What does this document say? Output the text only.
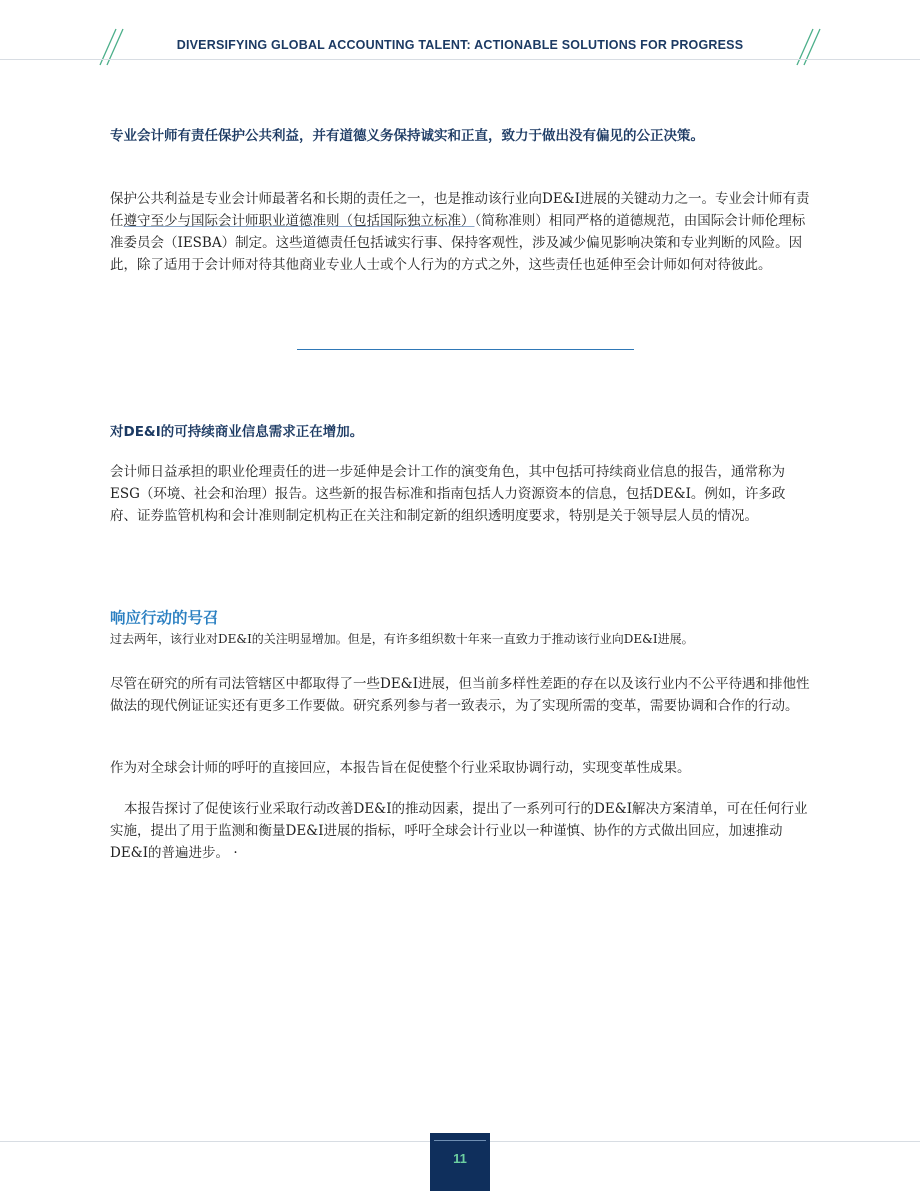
DIVERSIFYING GLOBAL ACCOUNTING TALENT: ACTIONABLE SOLUTIONS FOR PROGRESS
专业会计师有责任保护公共利益，并有道德义务保持诚实和正直，致力于做出没有偏见的公正决策。
保护公共利益是专业会计师最著名和长期的责任之一，也是推动该行业向DE&I进展的关键动力之一。专业会计师有责任遵守至少与国际会计师职业道德准则（包括国际独立标准）（简称准则）相同严格的道德规范，由国际会计师伦理标准委员会（IESBA）制定。这些道德责任包括诚实行事、保持客观性，涉及减少偏见影响决策和专业判断的风险。因此，除了适用于会计师对待其他商业专业人士或个人行为的方式之外，这些责任也延伸至会计师如何对待彼此。
对DE&I的可持续商业信息需求正在增加。
会计师日益承担的职业伦理责任的进一步延伸是会计工作的演变角色，其中包括可持续商业信息的报告，通常称为ESG（环境、社会和治理）报告。这些新的报告标准和指南包括人力资源资本的信息，包括DE&I。例如，许多政府、证券监管机构和会计准则制定机构正在关注和制定新的组织透明度要求，特别是关于领导层人员的情况。
响应行动的号召
过去两年，该行业对DE&I的关注明显增加。但是，有许多组织数十年来一直致力于推动该行业向DE&I进展。
尽管在研究的所有司法管辖区中都取得了一些DE&I进展，但当前多样性差距的存在以及该行业内不公平待遇和排他性做法的现代例证证实还有更多工作要做。研究系列参与者一致表示，为了实现所需的变革，需要协调和合作的行动。
作为对全球会计师的呼吁的直接回应，本报告旨在促使整个行业采取协调行动，实现变革性成果。
本报告探讨了促使该行业采取行动改善DE&I的推动因素，提出了一系列可行的DE&I解决方案清单，可在任何行业实施，提出了用于监测和衡量DE&I进展的指标，呼吁全球会计行业以一种谨慎、协作的方式做出回应，加速推动DE&I的普遍进步。 ·
11
